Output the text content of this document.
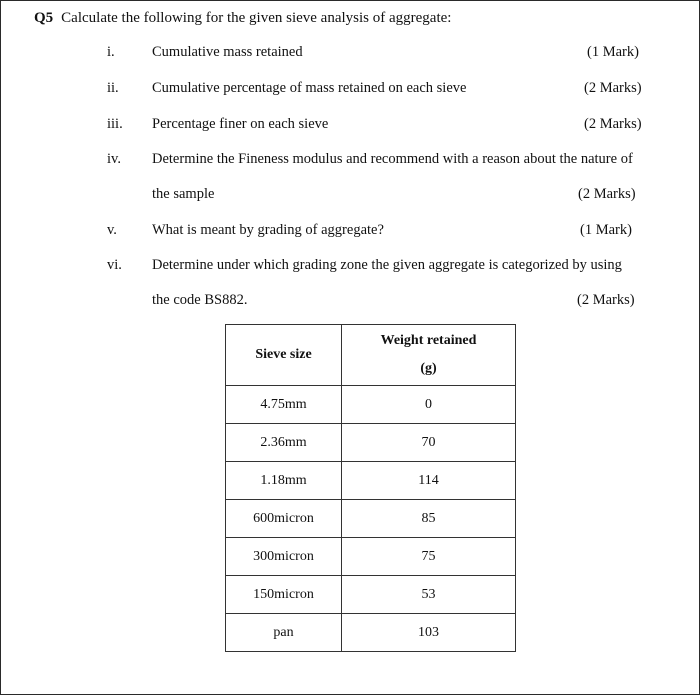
Q5 Calculate the following for the given sieve analysis of aggregate:
i.	Cumulative mass retained	(1 Mark)
ii. Cumulative percentage of mass retained on each sieve	(2 Marks)
iii. Percentage finer on each sieve	(2 Marks)
iv. Determine the Fineness modulus and recommend with a reason about the nature of
the sample	(2 Marks)
v. What is meant by grading of aggregate?	(1 Mark)
vi. Determine under which grading zone the given aggregate is categorized by using
the code BS882.	(2 Marks)
Sieve size	Weight retained
(g)

4.75mm	0
2.36mm	70
1.18mm	114
600micron	85
300micron	75
150micron	53
pan	103
